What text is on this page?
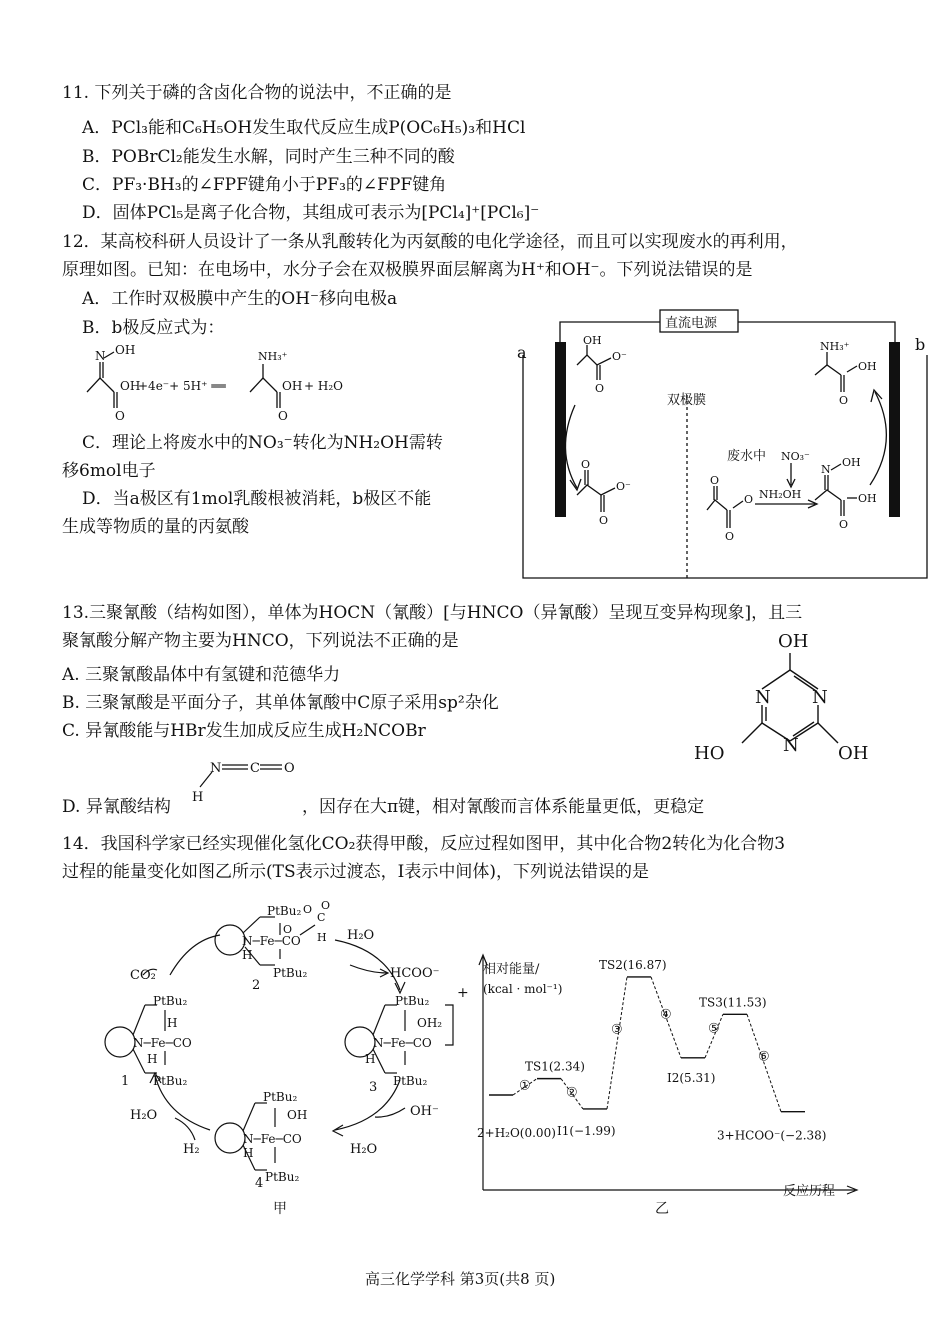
11. 下列关于磷的含卤化合物的说法中，不正确的是
A．PCl₃能和C₆H₅OH发生取代反应生成P(OC₆H₅)₃和HCl
B．POBrCl₂能发生水解，同时产生三种不同的酸
C．PF₃·BH₃的∠FPF键角小于PF₃的∠FPF键角
D．固体PCl₅是离子化合物，其组成可表示为[PCl₄]⁺[PCl₆]⁻
12．某高校科研人员设计了一条从乳酸转化为丙氨酸的电化学途径，而且可以实现废水的再利用，
原理如图。已知：在电场中，水分子会在双极膜界面层解离为H⁺和OH⁻。下列说法错误的是
A．工作时双极膜中产生的OH⁻移向电极a
B．b极反应式为：
N OH
O
OH
+4e⁻+ 5H⁺ ══
NH₃⁺
O
OH + H₂O
C．理论上将废水中的NO₃⁻转化为NH₂OH需转
移6mol电子
D．当a极区有1mol乳酸根被消耗，b极区不能
生成等物质的量的丙氨酸
直流电源
a	b
双极膜
废水中 NO₃⁻
NH₂OH
OH
O⁻
O
O
O⁻
O
O
O
O
N
OH
O
OH
NH₃⁺
OH
O
13.三聚氰酸（结构如图），单体为HOCN（氰酸）[与HNCO（异氰酸）呈现互变异构现象]，且三
聚氰酸分解产物主要为HNCO，下列说法不正确的是
A. 三聚氰酸晶体中有氢键和范德华力
B. 三聚氰酸是平面分子，其单体氰酸中C原子采用sp²杂化
C. 异氰酸能与HBr发生加成反应生成H₂NCOBr
OH
N N
N
HO	OH
N C O
H
D. 异氰酸结构	，因存在大π键，相对氰酸而言体系能量更低，更稳定
14．我国科学家已经实现催化氢化CO₂获得甲酸，反应过程如图甲，其中化合物2转化为化合物3
过程的能量变化如图乙所示(TS表示过渡态，I表示中间体)，下列说法错误的是
PtBu₂ O
C
O
O
N─Fe─CO H
H
PtBu₂
2
PtBu₂
H
N─Fe─CO
H
PtBu₂
1
PtBu₂
OH₂
N─Fe─CO
H
PtBu₂
3
+
PtBu₂
OH
N─Fe─CO
H
PtBu₂
4
CO₂
H₂O
HCOO⁻
OH⁻
H₂O
H₂O
H₂
甲
相对能量/
(kcal · mol⁻¹)
反应历程
①
2+H₂O(0.00)
②
TS1(2.34)
③
I1(−1.99)
④
TS2(16.87)
⑤
I2(5.31)
⑥
TS3(11.53)
3+HCOO⁻(−2.38)
乙
高三化学学科 第3页(共8 页)
